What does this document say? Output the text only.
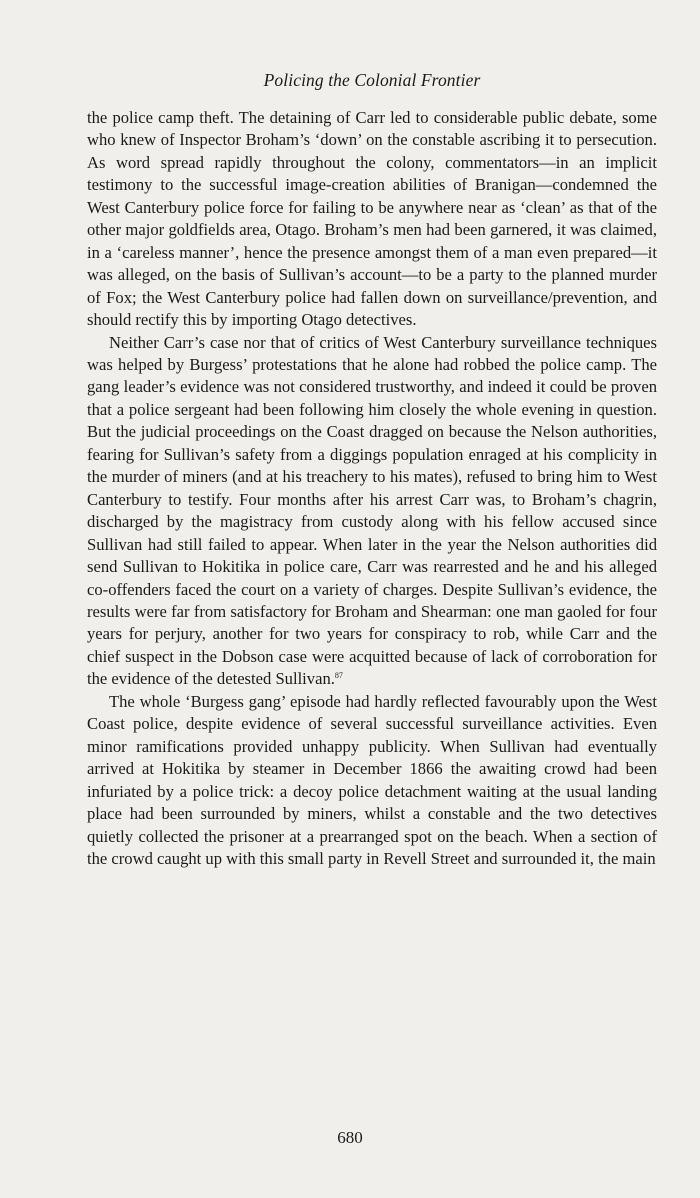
Policing the Colonial Frontier

the police camp theft. The detaining of Carr led to considerable public debate, some who knew of Inspector Broham’s ‘down’ on the constable ascribing it to persecution. As word spread rapidly throughout the colony, commentators—in an implicit testimony to the successful image-creation abilities of Branigan—condemned the West Canterbury police force for failing to be anywhere near as ‘clean’ as that of the other major goldfields area, Otago. Broham’s men had been garnered, it was claimed, in a ‘careless manner’, hence the presence amongst them of a man even prepared—it was alleged, on the basis of Sullivan’s account—to be a party to the planned murder of Fox; the West Canterbury police had fallen down on surveillance/prevention, and should rectify this by importing Otago detectives.

Neither Carr’s case nor that of critics of West Canterbury surveillance techniques was helped by Burgess’ protestations that he alone had robbed the police camp. The gang leader’s evidence was not considered trustworthy, and indeed it could be proven that a police sergeant had been following him closely the whole evening in question. But the judicial proceedings on the Coast dragged on because the Nelson authorities, fearing for Sullivan’s safety from a diggings population enraged at his complicity in the murder of miners (and at his treachery to his mates), refused to bring him to West Canterbury to testify. Four months after his arrest Carr was, to Broham’s chagrin, discharged by the magistracy from custody along with his fellow accused since Sullivan had still failed to appear. When later in the year the Nelson authorities did send Sullivan to Hokitika in police care, Carr was rearrested and he and his alleged co-offenders faced the court on a variety of charges. Despite Sullivan’s evidence, the results were far from satisfactory for Broham and Shearman: one man gaoled for four years for perjury, another for two years for conspiracy to rob, while Carr and the chief suspect in the Dobson case were acquitted because of lack of corroboration for the evidence of the detested Sullivan.$^{87}$

The whole ‘Burgess gang’ episode had hardly reflected favourably upon the West Coast police, despite evidence of several successful surveillance activities. Even minor ramifications provided unhappy publicity. When Sullivan had eventually arrived at Hokitika by steamer in December 1866 the awaiting crowd had been infuriated by a police trick: a decoy police detachment waiting at the usual landing place had been surrounded by miners, whilst a constable and the two detectives quietly collected the prisoner at a prearranged spot on the beach. When a section of the crowd caught up with this small party in Revell Street and surrounded it, the main

680
